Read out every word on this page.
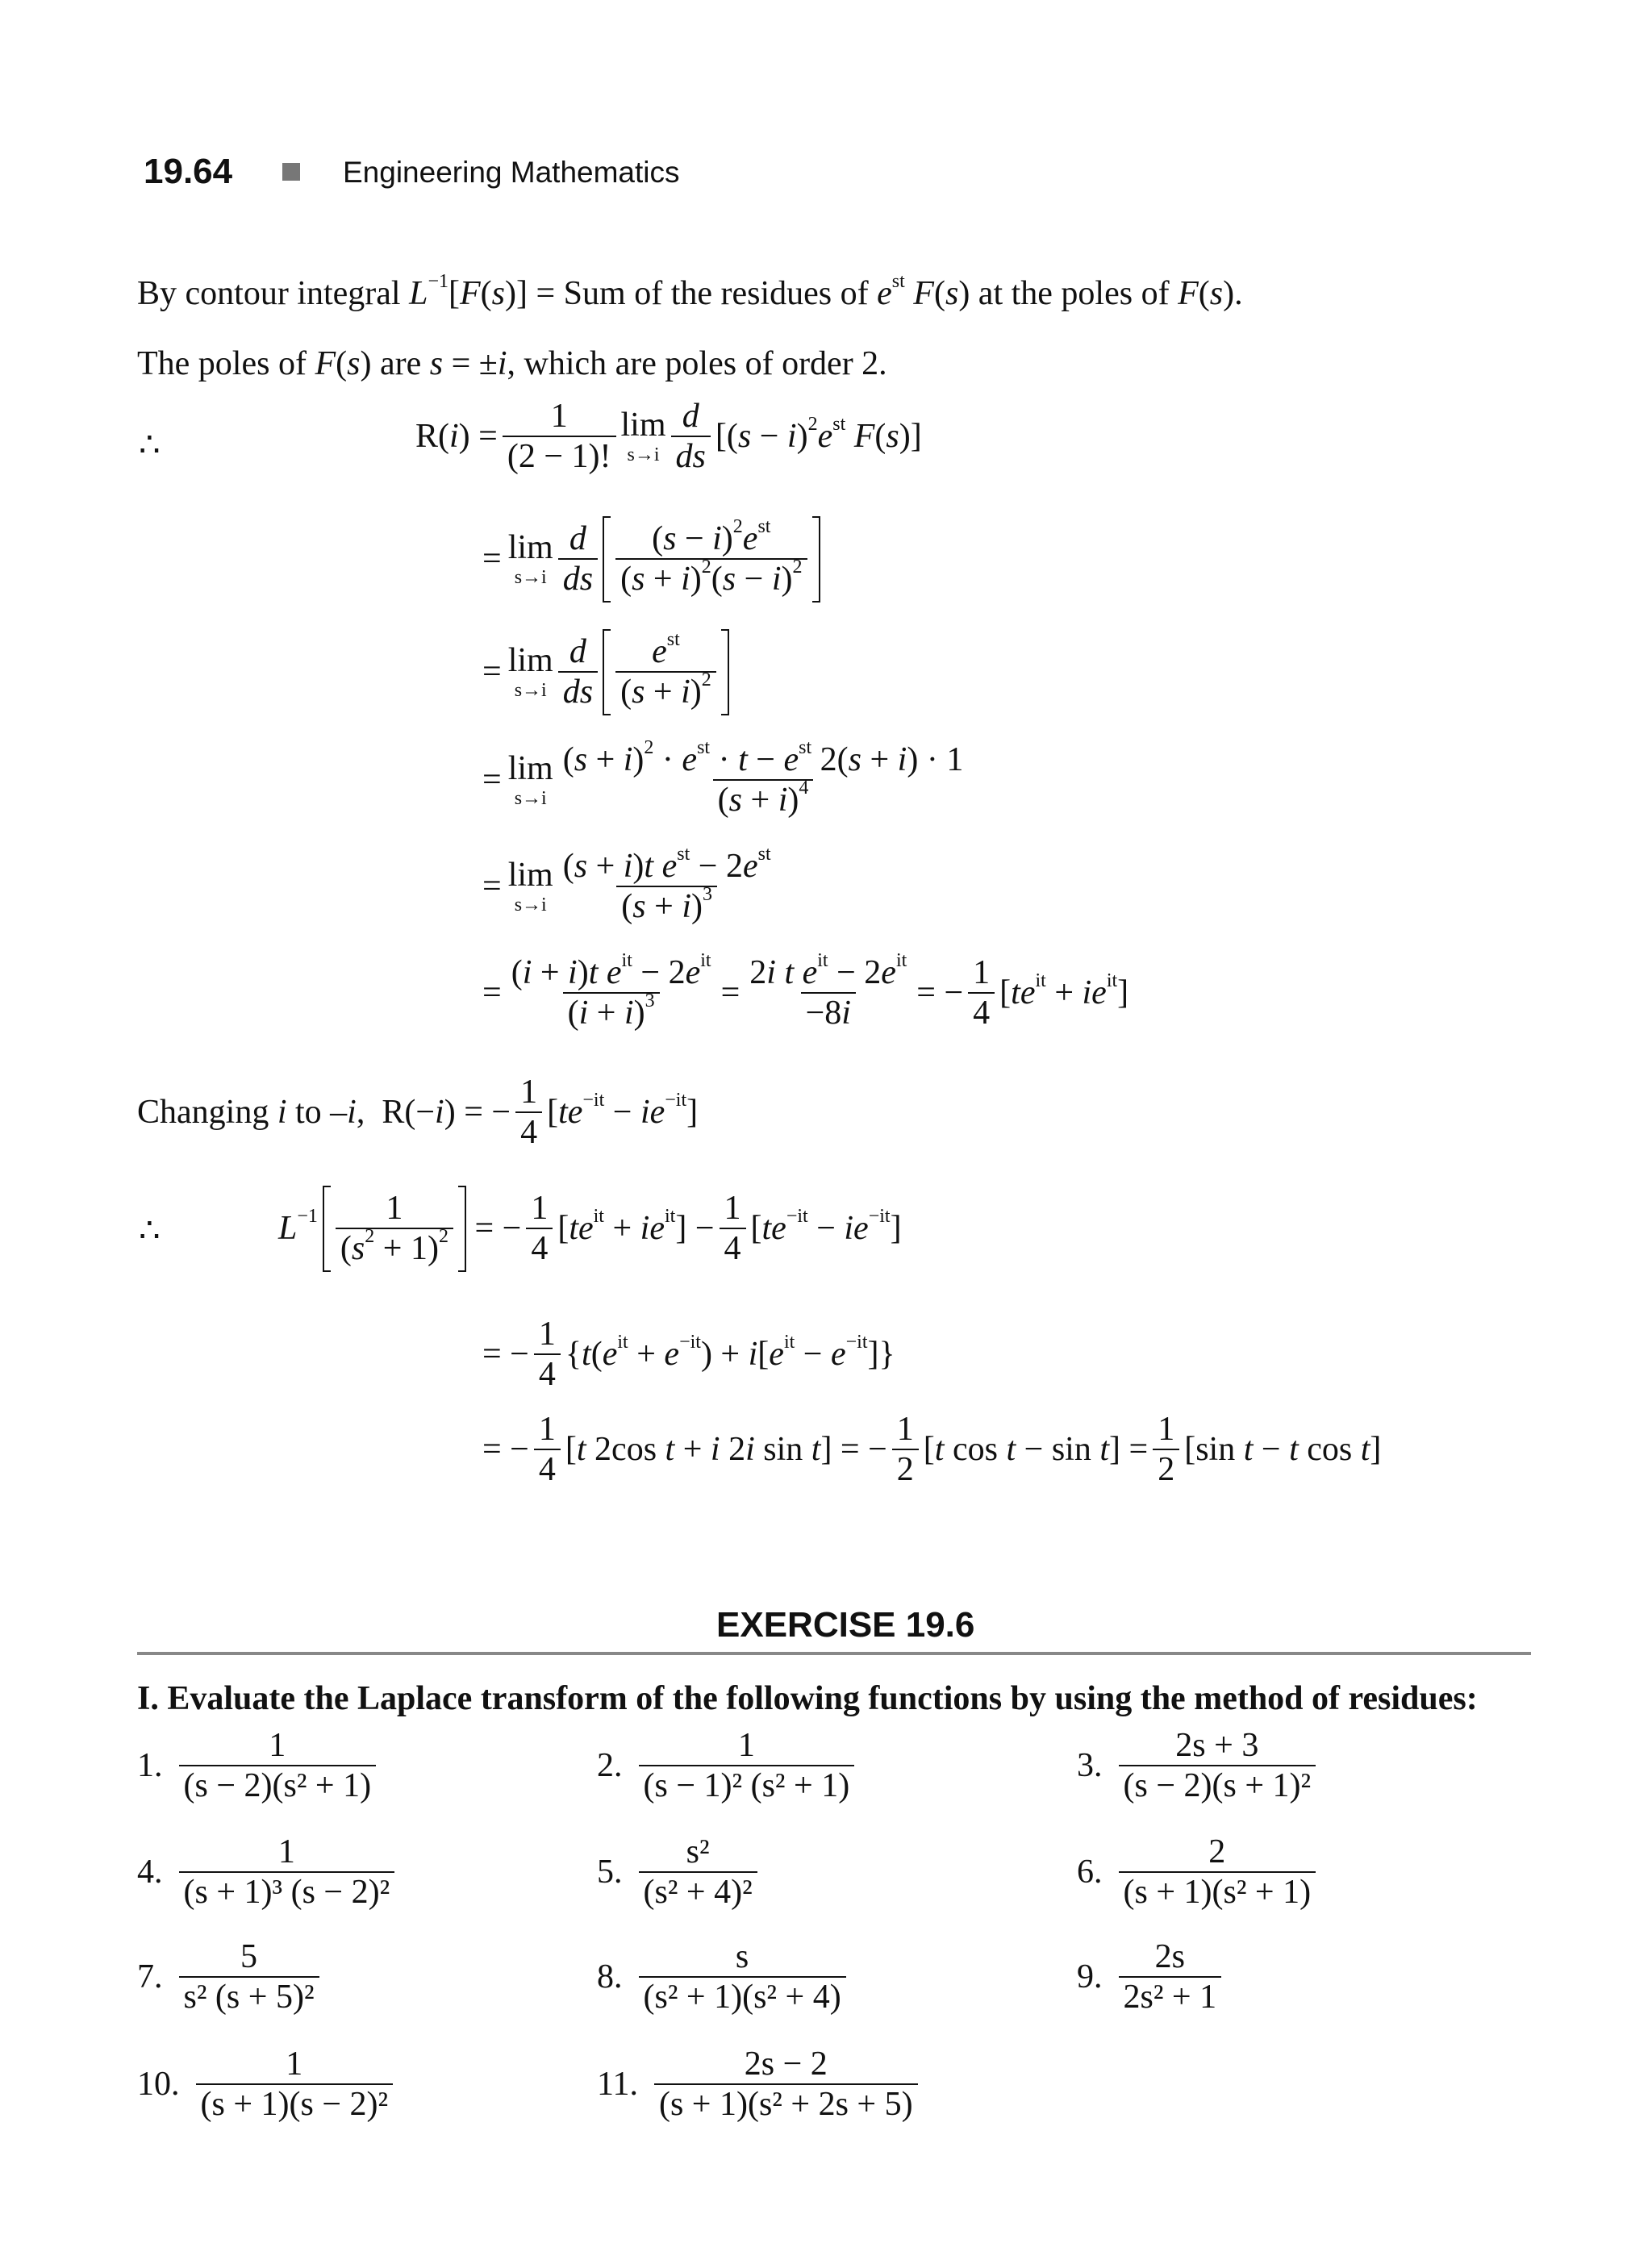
19.64	Engineering Mathematics
By contour integral $L^{-1}[F(s)]$ = Sum of the residues of $e^{st}$ F(s) at the poles of F(s).
The poles of F(s) are s = ±i, which are poles of order 2.
∴	$R(i) = \frac{1}{(2 - 1)!}$ lim
$s\to i \frac{d}{ds} [(s - i)^2e^{st}$ F(s)]
= lim
$s\to i \frac{d}{ds} \frac{(s - i)^2e^{st}}{(s + i)^2(s - i)^2}$
= lim
$s\to i \frac{d}{ds} \frac{e^{st}}{(s + i)^2}$
= lim
$s\to i \frac{(s + i)^2 \cdot e^{st} \cdot t - e^{st} 2(s + i) \cdot 1}{(s + i)^4}$
= lim
$s\to i \frac{(s + i)t e^{st} - 2e^{st}}{(s + i)^3}$
= $\frac{(i + i)t e^{it} - 2e^{it}}{(i + i)^3} = \frac{2i t e^{it} - 2e^{it}}{-8i}$ = − $\frac{1}{4} [te^{it} + ie^{it}]$
Changing i to –i,  R(−i) = − $\frac{1}{4} [te^{-it} - ie^{-it}]$
∴	$L^{-1} \frac{1}{(s^2 + 1)^2}$ = − $\frac{1}{4} [te^{it} + ie^{it}] - \frac{1}{4} [te^{-it} - ie^{-it}]$
= − $\frac{1}{4} \{t(e^{it} + e^{-it}) + i[e^{it} - e^{-it}]\}$
= − $\frac{1}{4} [t$ 2cos t + i 2i sin t] = − $\frac{1}{2} [t$ $\cos t - \sin t] = \frac{1}{2} [\sin$ t − t cos t]
EXERCISE 19.6
I. Evaluate the Laplace transform of the following functions by using the method of residues:
1. $\frac{1}{\text{(s − 2)(s² + 1)}}$	2. $\frac{1}{\text{(s − 1)² (s² + 1)}}$	3. $\frac{2s + 3}{\text{(s − 2)(s + 1)²}}$
4. $\frac{1}{\text{(s + 1)³ (s − 2)²}}$	5. $\frac{\text{s²}}{\text{(s² + 4)²}}$	6. $\frac{2}{\text{(s + 1)(s² + 1)}}$
7. $\frac{5}{\text{s² (s + 5)²}}$	8. $\frac{s}{\text{(s² + 1)(s² + 4)}}$	9. $\frac{2s}{\text{2s² + 1}}$
10. $\frac{1}{\text{(s + 1)(s − 2)²}}$	11. $\frac{2s - 2}{\text{(s + 1)(s² + 2s + 5)}}$
